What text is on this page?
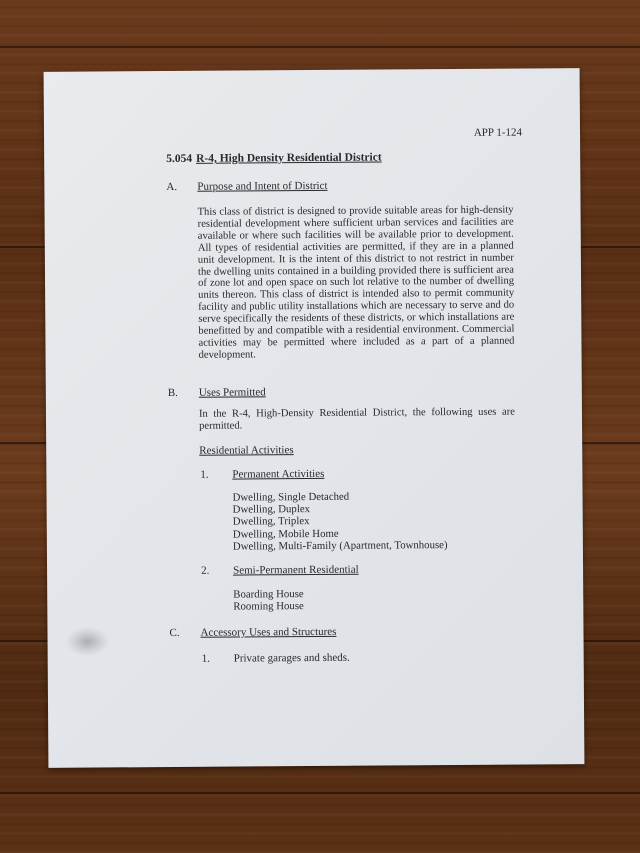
APP 1-124
5.054 R-4, High Density Residential District
A. Purpose and Intent of District
This class of district is designed to provide suitable areas for high-density residential development where sufficient urban services and facilities are available or where such facilities will be available prior to development. All types of residential activities are permitted, if they are in a planned unit development. It is the intent of this district to not restrict in number the dwelling units contained in a building provided there is sufficient area of zone lot and open space on such lot relative to the number of dwelling units thereon. This class of district is intended also to permit community facility and public utility installations which are necessary to serve and do serve specifically the residents of these districts, or which installations are benefitted by and compatible with a residential environment. Commercial activities may be permitted where included as a part of a planned development.
B. Uses Permitted
In the R-4, High-Density Residential District, the following uses are permitted.
Residential Activities
1. Permanent Activities
Dwelling, Single Detached
Dwelling, Duplex
Dwelling, Triplex
Dwelling, Mobile Home
Dwelling, Multi-Family (Apartment, Townhouse)
2. Semi-Permanent Residential
Boarding House
Rooming House
C. Accessory Uses and Structures
1. Private garages and sheds.
